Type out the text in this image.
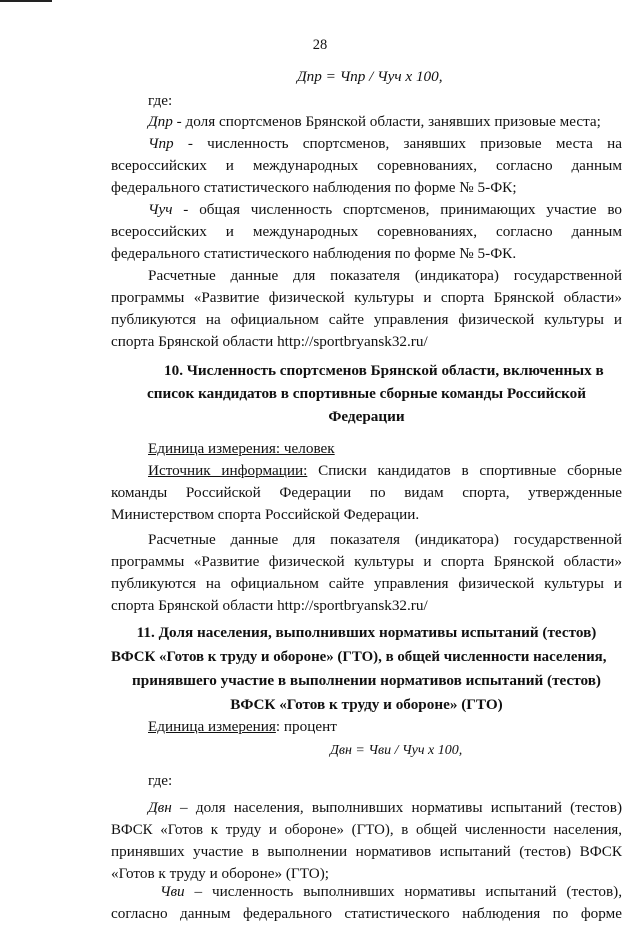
28
Дпр = Чпр / Чуч х 100,
где:
Дпр - доля спортсменов Брянской области, занявших призовые места;
Чпр - численность спортсменов, занявших призовые места на
всероссийских и международных соревнованиях, согласно данным
федерального статистического наблюдения по форме № 5-ФК;
Чуч - общая численность спортсменов, принимающих участие во
всероссийских и международных соревнованиях, согласно данным
федерального статистического наблюдения по форме № 5-ФК.
Расчетные данные для показателя (индикатора) государственной
программы «Развитие физической культуры и спорта Брянской области»
публикуются на официальном сайте управления физической культуры и
спорта Брянской области http://sportbryansk32.ru/
10. Численность спортсменов Брянской области, включенных в
список кандидатов в спортивные сборные команды Российской
Федерации
Единица измерения: человек
Источник информации: Списки кандидатов в спортивные сборные
команды Российской Федерации по видам спорта, утвержденные
Министерством спорта Российской Федерации.
Расчетные данные для показателя (индикатора) государственной
программы «Развитие физической культуры и спорта Брянской области»
публикуются на официальном сайте управления физической культуры и
спорта Брянской области http://sportbryansk32.ru/
11. Доля населения, выполнивших нормативы испытаний (тестов)
ВФСК «Готов к труду и обороне» (ГТО), в общей численности населения,
принявшего участие в выполнении нормативов испытаний (тестов)
ВФСК «Готов к труду и обороне» (ГТО)
Единица измерения: процент
Двн = Чви / Чуч х 100,
где:
Двн – доля населения, выполнивших нормативы испытаний (тестов)
ВФСК «Готов к труду и обороне» (ГТО), в общей численности населения,
принявших участие в выполнении нормативов испытаний (тестов) ВФСК
«Готов к труду и обороне» (ГТО);
Чви – численность выполнивших нормативы испытаний (тестов),
согласно данным федерального статистического наблюдения по форме
